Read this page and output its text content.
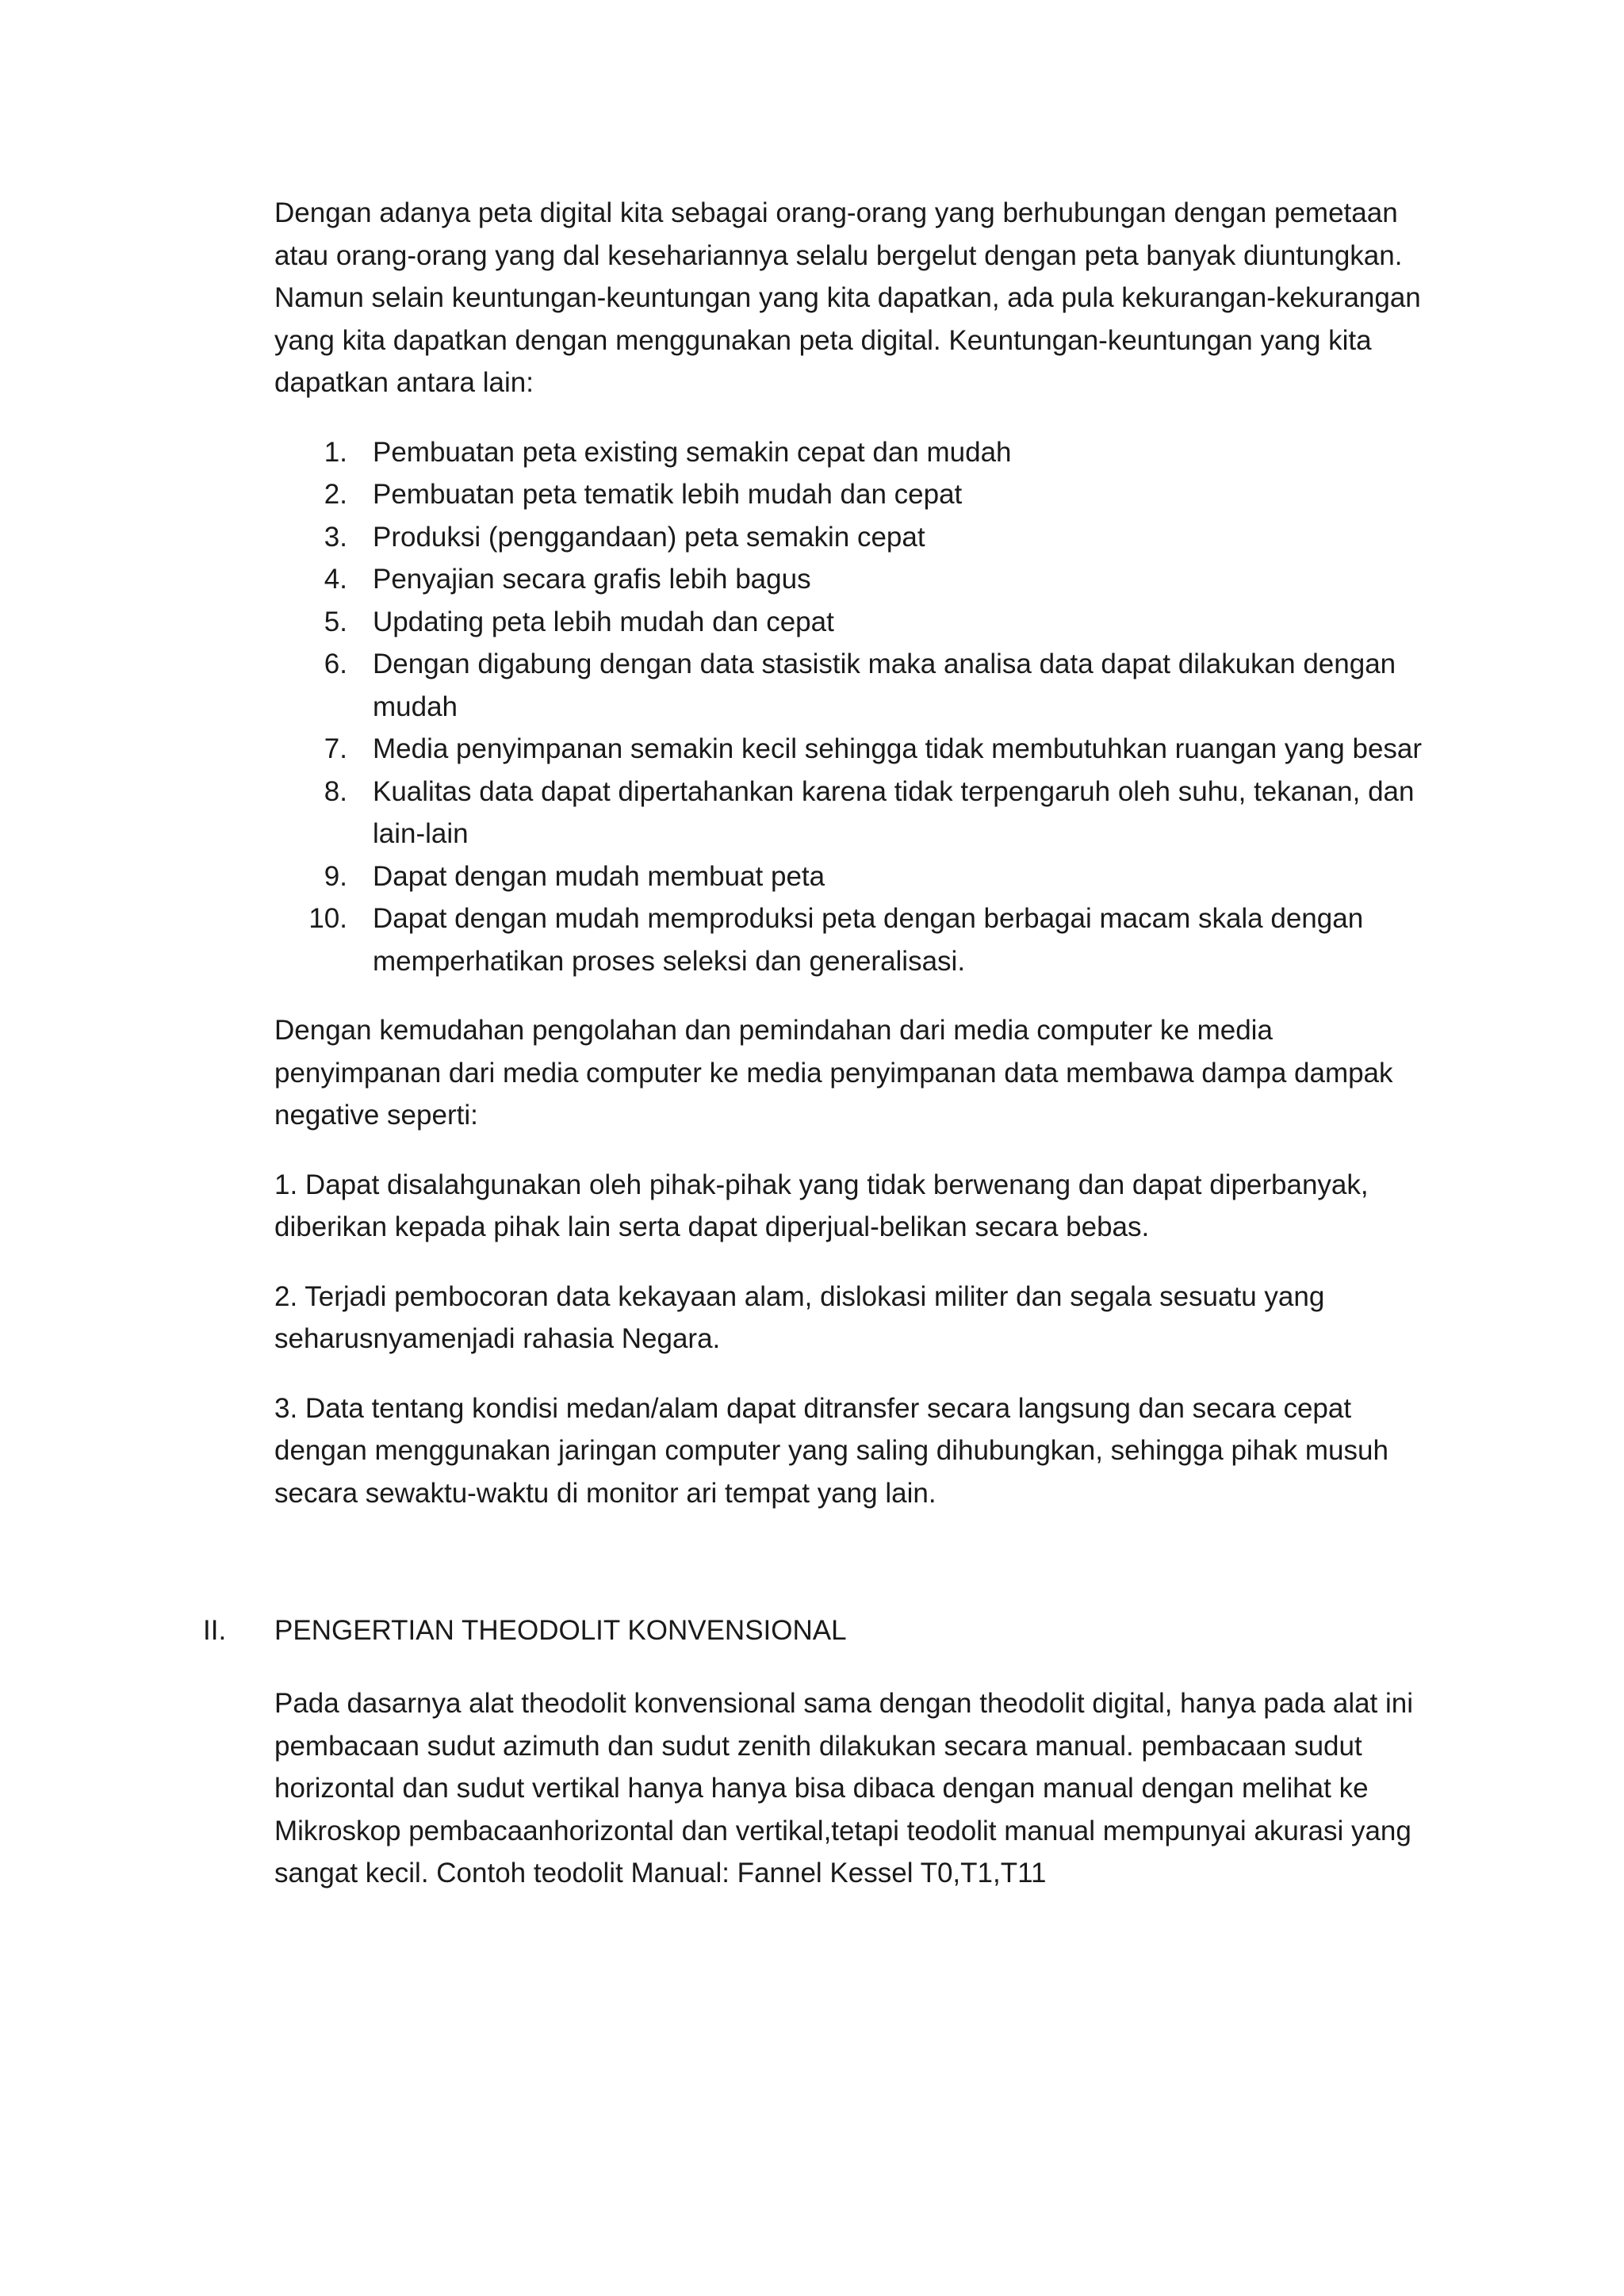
Dengan adanya peta digital kita sebagai orang-orang yang berhubungan dengan pemetaan atau orang-orang yang dal kesehariannya selalu bergelut dengan peta banyak diuntungkan. Namun selain keuntungan-keuntungan yang kita dapatkan, ada pula kekurangan-kekurangan yang kita dapatkan dengan menggunakan peta digital. Keuntungan-keuntungan yang kita dapatkan antara lain:

1. Pembuatan peta existing semakin cepat dan mudah
2. Pembuatan peta tematik lebih mudah dan cepat
3. Produksi (penggandaan) peta semakin cepat
4. Penyajian secara grafis lebih bagus
5. Updating peta lebih mudah dan cepat
6. Dengan digabung dengan data stasistik maka analisa data dapat dilakukan dengan mudah
7. Media penyimpanan semakin kecil sehingga tidak membutuhkan ruangan yang besar
8. Kualitas data dapat dipertahankan karena tidak terpengaruh oleh suhu, tekanan, dan lain-lain
9. Dapat dengan mudah membuat peta
10. Dapat dengan mudah memproduksi peta dengan berbagai macam skala dengan memperhatikan proses seleksi dan generalisasi.

Dengan kemudahan pengolahan dan pemindahan dari media computer ke media penyimpanan dari media computer ke media penyimpanan data membawa dampa dampak negative seperti:

1. Dapat disalahgunakan oleh pihak-pihak yang tidak berwenang dan dapat diperbanyak, diberikan kepada pihak lain serta dapat diperjual-belikan secara bebas.

2. Terjadi pembocoran data kekayaan alam, dislokasi militer dan segala sesuatu yang seharusnyamenjadi rahasia Negara.

3. Data tentang kondisi medan/alam dapat ditransfer secara langsung dan secara cepat dengan menggunakan jaringan computer yang saling dihubungkan, sehingga pihak musuh secara sewaktu-waktu di monitor ari tempat yang lain.

II. PENGERTIAN THEODOLIT KONVENSIONAL

Pada dasarnya alat theodolit konvensional sama dengan theodolit digital, hanya pada alat ini pembacaan sudut azimuth dan sudut zenith dilakukan secara manual. pembacaan sudut horizontal dan sudut vertikal hanya hanya bisa dibaca dengan manual dengan melihat ke Mikroskop pembacaanhorizontal dan vertikal,tetapi teodolit manual mempunyai akurasi yang sangat kecil. Contoh teodolit Manual: Fannel Kessel T0,T1,T11
